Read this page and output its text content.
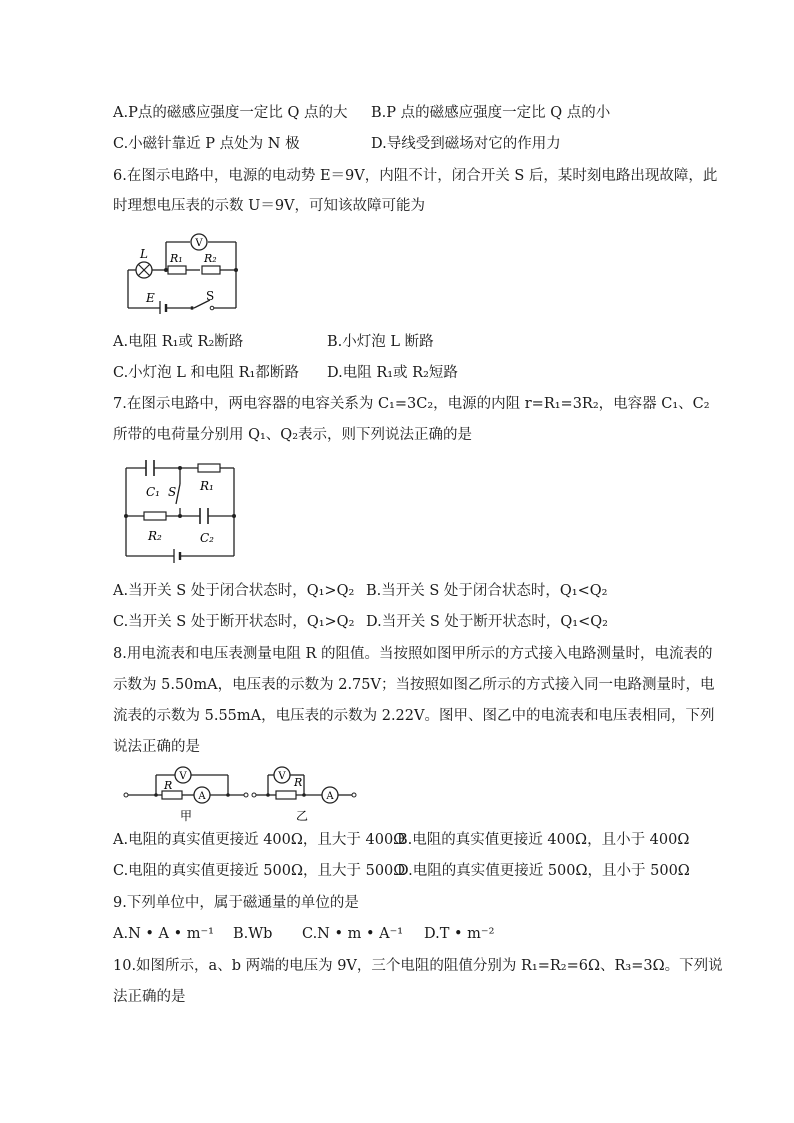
A.P点的磁感应强度一定比 Q 点的大 B.P 点的磁感应强度一定比 Q 点的小
C.小磁针靠近 P 点处为 N 极	D.导线受到磁场对它的作用力
6.在图示电路中，电源的电动势 E＝9V，内阻不计，闭合开关 S 后，某时刻电路出现故障，此
时理想电压表的示数 U＝9V，可知该故障可能为
V
L R₁ R₂
E	S
A.电阻 R₁或 R₂断路	B.小灯泡 L 断路
C.小灯泡 L 和电阻 R₁都断路 D.电阻 R₁或 R₂短路
7.在图示电路中，两电容器的电容关系为 C₁=3C₂，电源的内阻 r=R₁=3R₂，电容器 C₁、C₂
所带的电荷量分别用 Q₁、Q₂表示，则下列说法正确的是
C₁ S R₁
R₂	C₂
A.当开关 S 处于闭合状态时，Q₁>Q₂ B.当开关 S 处于闭合状态时，Q₁<Q₂
C.当开关 S 处于断开状态时，Q₁>Q₂ D.当开关 S 处于断开状态时，Q₁<Q₂
8.用电流表和电压表测量电阻 R 的阻值。当按照如图甲所示的方式接入电路测量时，电流表的
示数为 5.50mA，电压表的示数为 2.75V；当按照如图乙所示的方式接入同一电路测量时，电
流表的示数为 5.55mA，电压表的示数为 2.22V。图甲、图乙中的电流表和电压表相同，下列
说法正确的是
V
A
R
甲
V
A
R
乙
A.电阻的真实值更接近 400Ω，且大于 400Ω
B.电阻的真实值更接近 400Ω，且小于 400Ω
C.电阻的真实值更接近 500Ω，且大于 500Ω
D.电阻的真实值更接近 500Ω，且小于 500Ω
9.下列单位中，属于磁通量的单位的是
A.N • A • m⁻¹ B.Wb C.N • m • A⁻¹ D.T • m⁻²
10.如图所示，a、b 两端的电压为 9V，三个电阻的阻值分别为 R₁=R₂=6Ω、R₃=3Ω。下列说
法正确的是
